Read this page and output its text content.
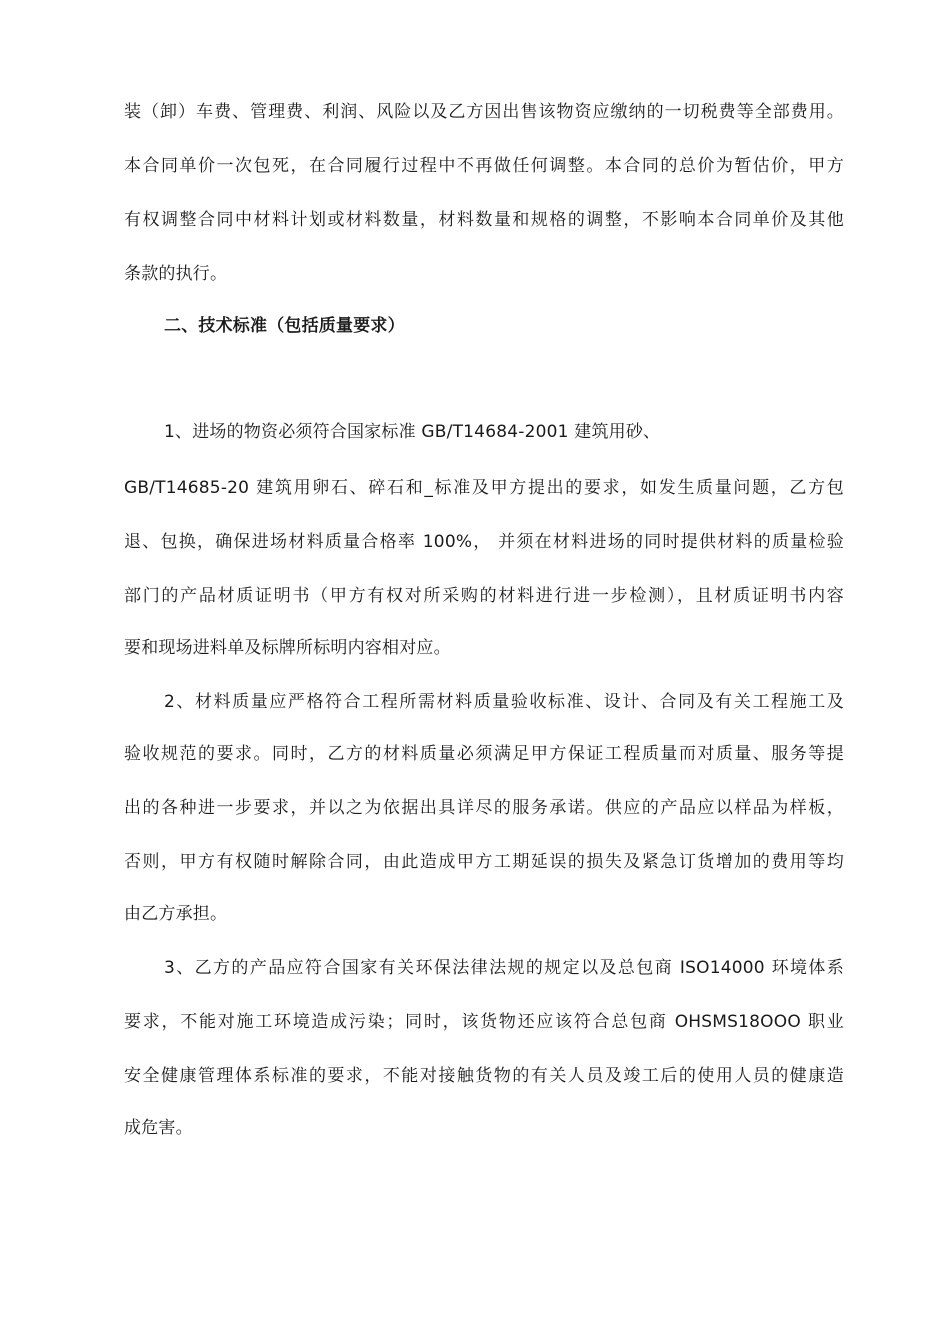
装（卸）车费、管理费、利润、风险以及乙方因出售该物资应缴纳的一切税费等全部费用。
本合同单价一次包死，在合同履行过程中不再做任何调整。本合同的总价为暂估价，甲方
有权调整合同中材料计划或材料数量，材料数量和规格的调整，不影响本合同单价及其他
条款的执行。
二、技术标准（包括质量要求）
1、进场的物资必须符合国家标准 GB/T14684-2001 建筑用砂、
GB/T14685-20 建筑用卵石、碎石和_标准及甲方提出的要求，如发生质量问题，乙方包
退、包换，确保进场材料质量合格率 100%， 并须在材料进场的同时提供材料的质量检验
部门的产品材质证明书（甲方有权对所采购的材料进行进一步检测），且材质证明书内容
要和现场进料单及标牌所标明内容相对应。
2、材料质量应严格符合工程所需材料质量验收标准、设计、合同及有关工程施工及
验收规范的要求。同时，乙方的材料质量必须满足甲方保证工程质量而对质量、服务等提
出的各种进一步要求，并以之为依据出具详尽的服务承诺。供应的产品应以样品为样板，
否则，甲方有权随时解除合同，由此造成甲方工期延误的损失及紧急订货增加的费用等均
由乙方承担。
3、乙方的产品应符合国家有关环保法律法规的规定以及总包商 ISO14000 环境体系
要求，不能对施工环境造成污染；同时，该货物还应该符合总包商 OHSMS18OOO 职业
安全健康管理体系标准的要求，不能对接触货物的有关人员及竣工后的使用人员的健康造
成危害。
